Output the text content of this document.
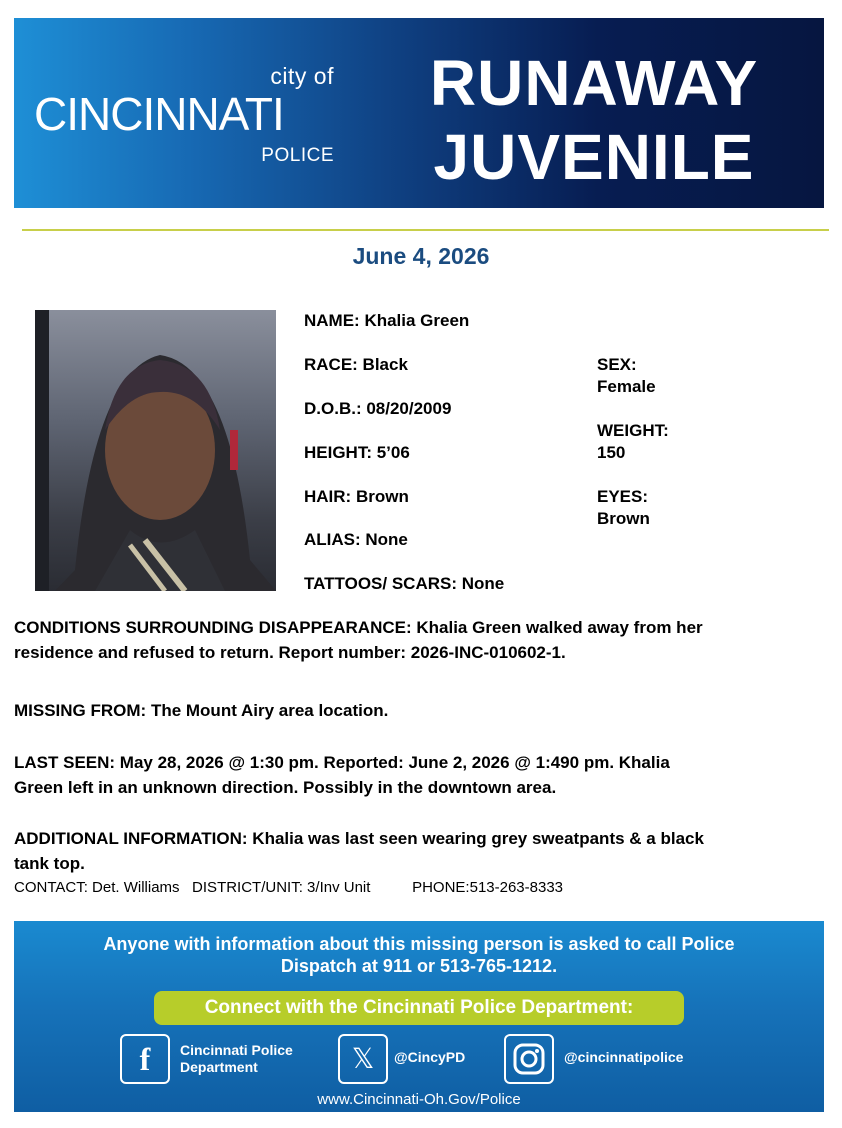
city of
CINCINNATI
POLICE
RUNAWAY
JUVENILE
June 4, 2026
NAME: Khalia Green
RACE: Black
D.O.B.: 08/20/2009
HEIGHT: 5’06
HAIR: Brown
ALIAS: None
TATTOOS/ SCARS: None
SEX:
Female
WEIGHT:
150
EYES:
Brown
CONDITIONS SURROUNDING DISAPPEARANCE: Khalia Green walked away from her
residence and refused to return. Report number: 2026-INC-010602-1.
MISSING FROM: The Mount Airy area location.
LAST SEEN: May 28, 2026 @ 1:30 pm. Reported: June 2, 2026 @ 1:490 pm. Khalia
Green left in an unknown direction. Possibly in the downtown area.
ADDITIONAL INFORMATION: Khalia was last seen wearing grey sweatpants & a black
tank top.
CONTACT: Det. Williams   DISTRICT/UNIT: 3/Inv Unit          PHONE:513-263-8333
Anyone with information about this missing person is asked to call Police
Dispatch at 911 or 513-765-1212.
Connect with the Cincinnati Police Department:
f	Cincinnati Police
Department	𝕏	@CincyPD	@cincinnatipolice
www.Cincinnati-Oh.Gov/Police
